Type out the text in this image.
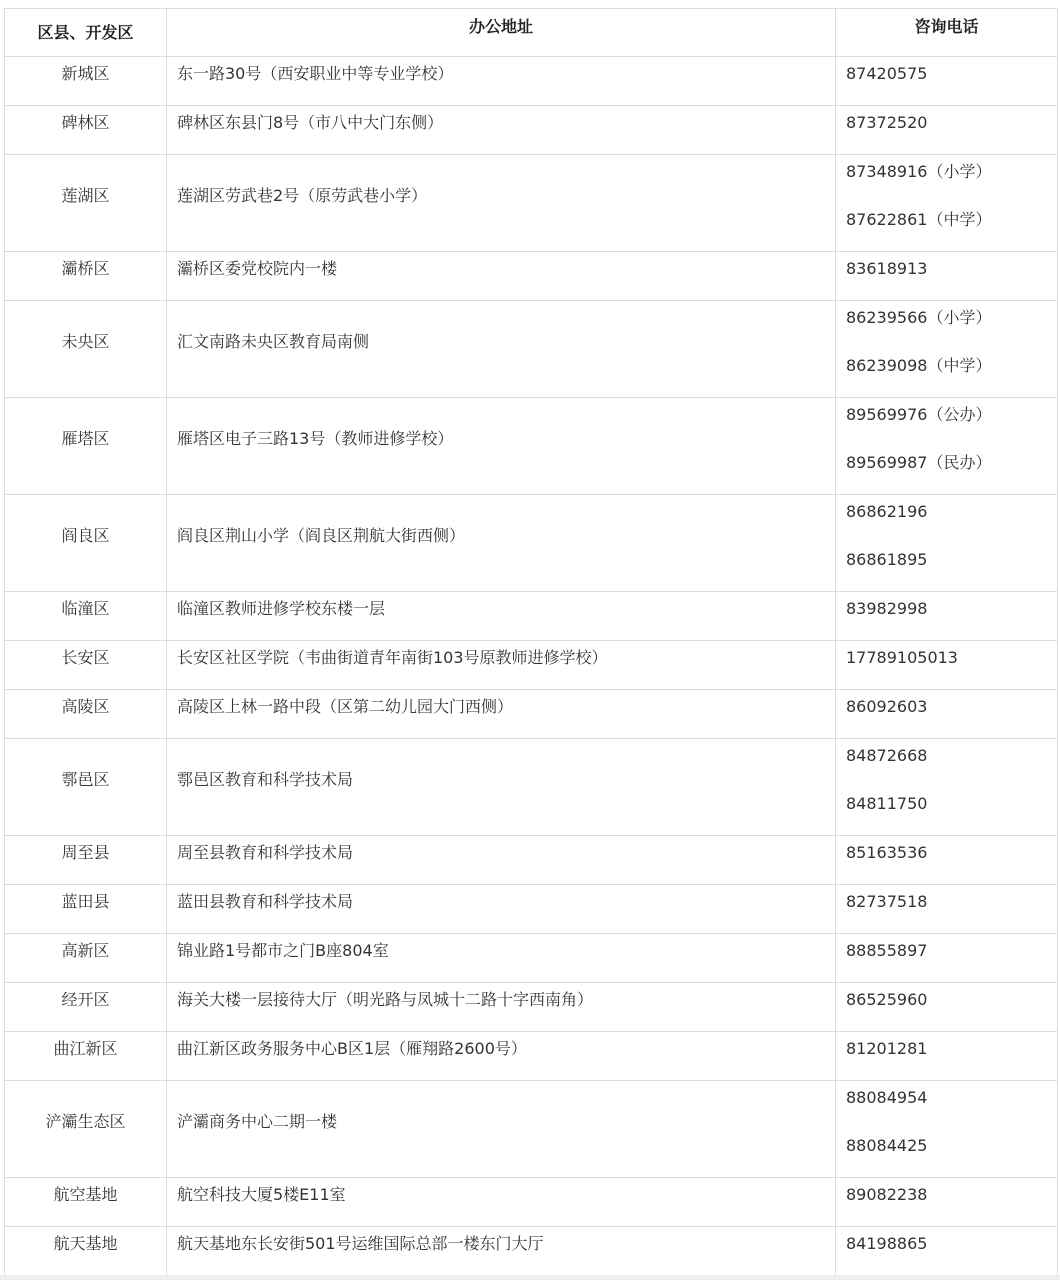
区县、开发区	办公地址	咨询电话

新城区	东一路30号（西安职业中等专业学校）	87420575

碑林区	碑林区东县门8号（市八中大门东侧）	87372520

莲湖区	莲湖区劳武巷2号（原劳武巷小学）	87348916（小学）
87622861（中学）

灞桥区	灞桥区委党校院内一楼	83618913

未央区	汇文南路未央区教育局南侧	86239566（小学）
86239098（中学）

雁塔区	雁塔区电子三路13号（教师进修学校）	89569976（公办）
89569987（民办）

阎良区	阎良区荆山小学（阎良区荆航大街西侧）	86862196
86861895

临潼区	临潼区教师进修学校东楼一层	83982998

长安区	长安区社区学院（韦曲街道青年南街103号原教师进修学校）	17789105013

高陵区	高陵区上林一路中段（区第二幼儿园大门西侧）	86092603

鄠邑区	鄠邑区教育和科学技术局	84872668
84811750

周至县	周至县教育和科学技术局	85163536

蓝田县	蓝田县教育和科学技术局	82737518

高新区	锦业路1号都市之门B座804室	88855897

经开区	海关大楼一层接待大厅（明光路与凤城十二路十字西南角）	86525960

曲江新区	曲江新区政务服务中心B区1层（雁翔路2600号）	81201281

浐灞生态区	浐灞商务中心二期一楼	88084954
88084425

航空基地	航空科技大厦5楼E11室	89082238

航天基地	航天基地东长安街501号运维国际总部一楼东门大厅	84198865
